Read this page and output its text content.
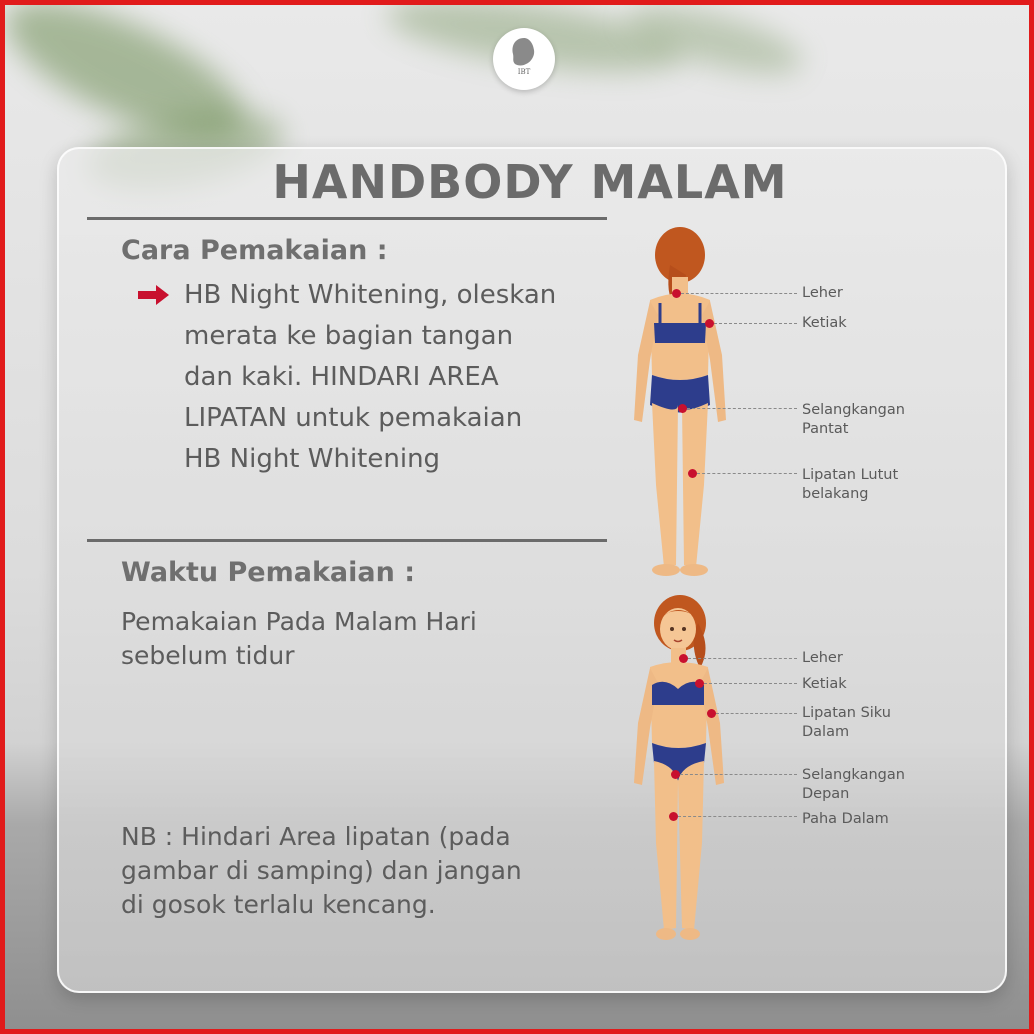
IBT
HANDBODY MALAM
Cara Pemakaian :
HB Night Whitening, oleskan
merata ke bagian tangan
dan kaki. HINDARI AREA
LIPATAN untuk pemakaian
HB Night Whitening
Waktu Pemakaian :
Pemakaian Pada Malam Hari
sebelum tidur
NB : Hindari Area lipatan (pada
gambar di samping) dan jangan
di gosok terlalu kencang.
Leher
Ketiak
Selangkangan
Pantat
Lipatan Lutut
belakang
Leher
Ketiak
Lipatan Siku
Dalam
Selangkangan
Depan
Paha Dalam
